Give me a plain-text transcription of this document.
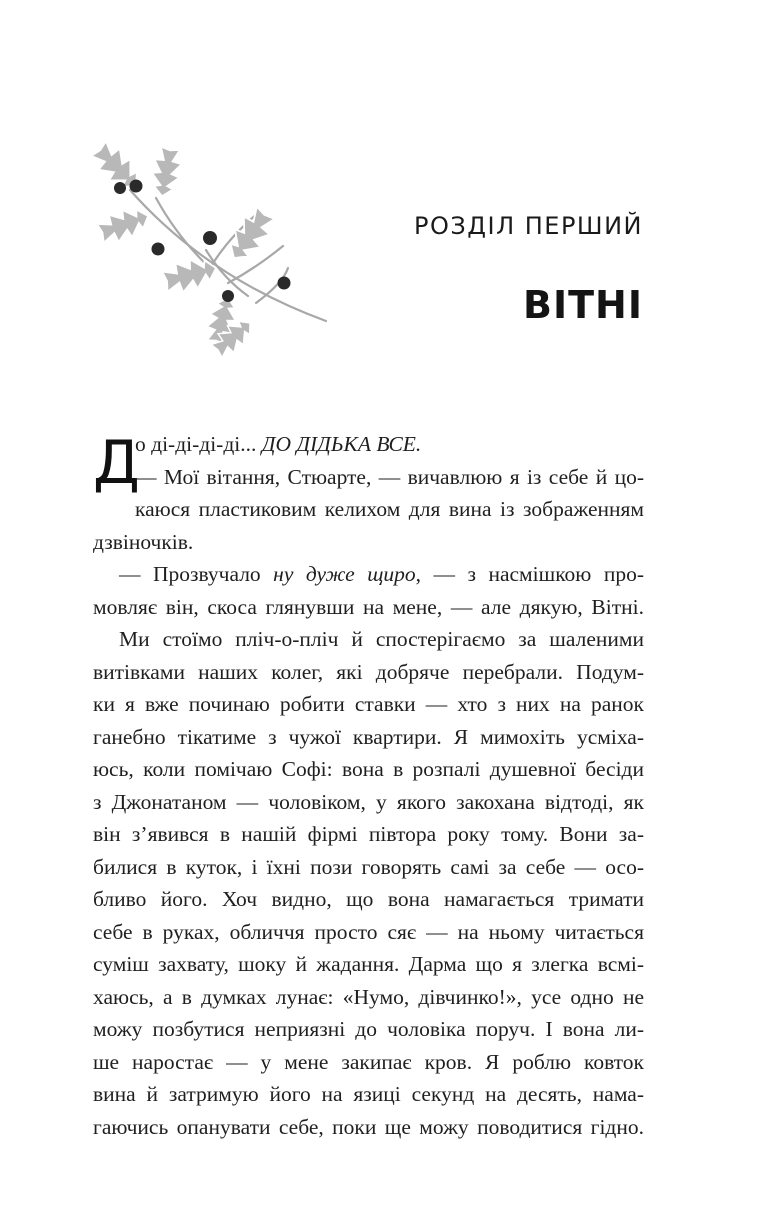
РОЗДІЛ ПЕРШИЙ
ВІТНІ
Д
о ді-ді-ді-ді... ДО ДІДЬКА ВСЕ.
— Мої вітання, Стюарте, — вичавлюю я із себе й цо-
каюся пластиковим келихом для вина із зображенням
дзвіночків.
— Прозвучало ну дуже щиро, — з насмішкою про-
мовляє він, скоса глянувши на мене, — але дякую, Вітні.
Ми стоїмо пліч-о-пліч й спостерігаємо за шаленими
витівками наших колег, які добряче перебрали. Подум-
ки я вже починаю робити ставки — хто з них на ранок
ганебно тікатиме з чужої квартири. Я мимохіть усміха-
юсь, коли помічаю Софі: вона в розпалі душевної бесіди
з Джонатаном — чоловіком, у якого закохана відтоді, як
він з’явився в нашій фірмі півтора року тому. Вони за-
билися в куток, і їхні пози говорять самі за себе — осо-
бливо його. Хоч видно, що вона намагається тримати
себе в руках, обличчя просто сяє — на ньому читається
суміш захвату, шоку й жадання. Дарма що я злегка всмі-
хаюсь, а в думках лунає: «Нумо, дівчинко!», усе одно не
можу позбутися неприязні до чоловіка поруч. І вона ли-
ше наростає — у мене закипає кров. Я роблю ковток
вина й затримую його на язиці секунд на десять, нама-
гаючись опанувати себе, поки ще можу поводитися гідно.
